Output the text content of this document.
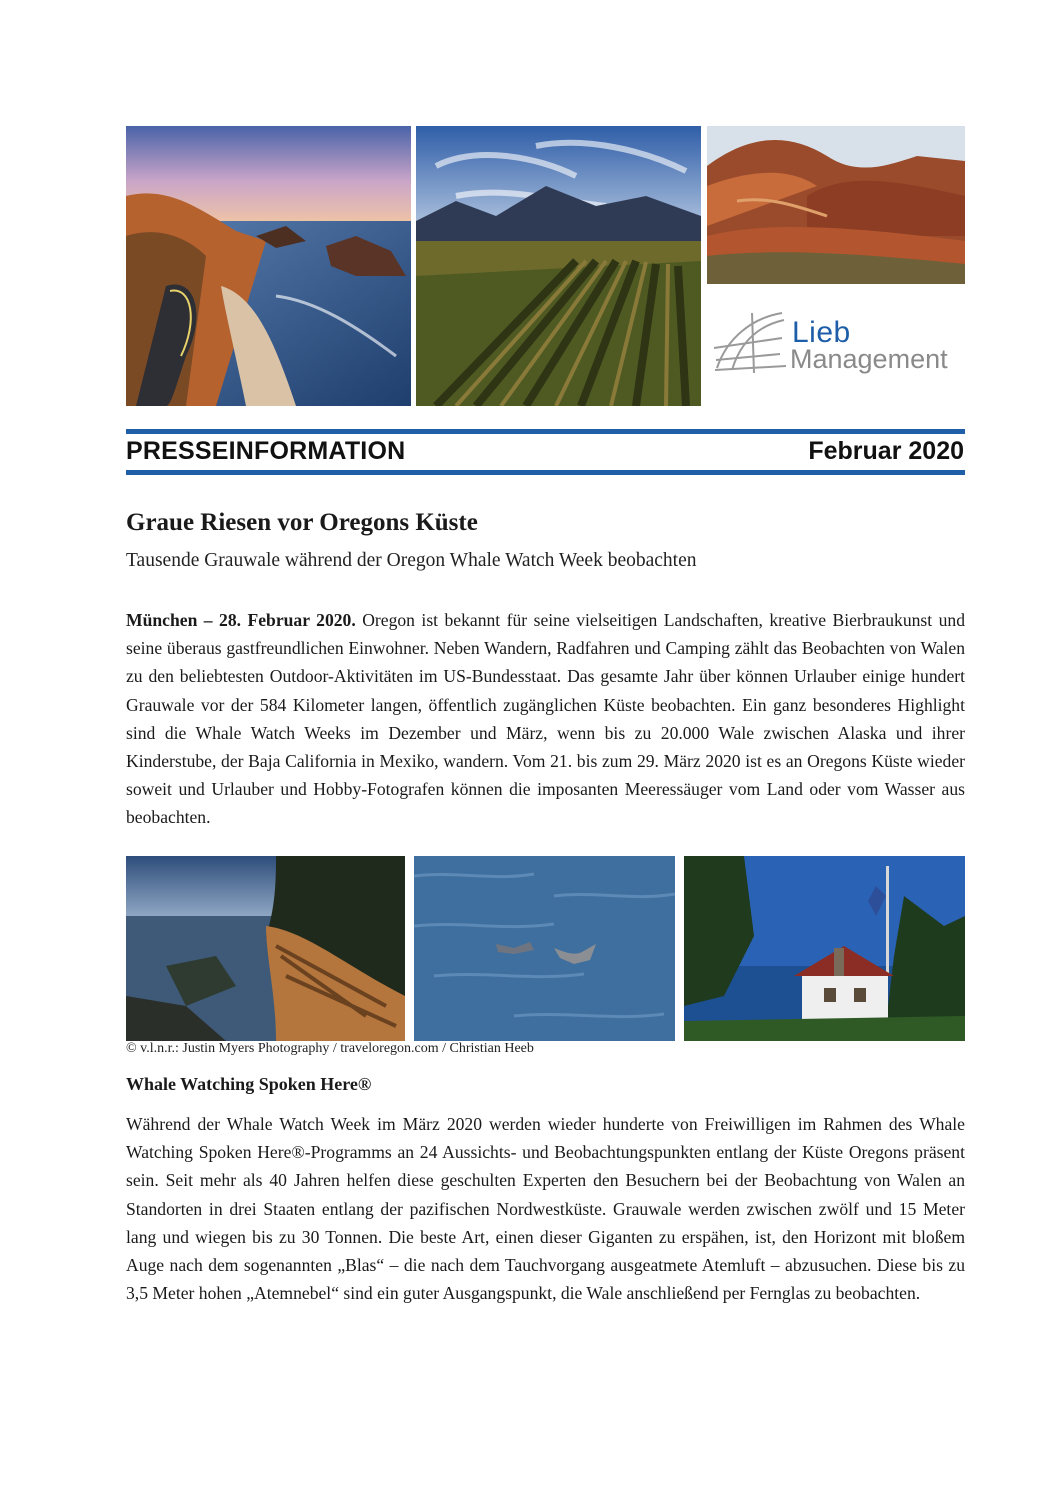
Lieb
Management
PRESSEINFORMATION	Februar 2020
Graue Riesen vor Oregons Küste
Tausende Grauwale während der Oregon Whale Watch Week beobachten

München – 28. Februar 2020. Oregon ist bekannt für seine vielseitigen Landschaften, kreative Bierbraukunst und seine überaus gastfreundlichen Einwohner. Neben Wandern, Radfahren und Camping zählt das Beobachten von Walen zu den beliebtesten Outdoor-Aktivitäten im US-Bundesstaat. Das gesamte Jahr über können Urlauber einige hundert Grauwale vor der 584 Kilometer langen, öffentlich zugänglichen Küste beobachten. Ein ganz besonderes Highlight sind die Whale Watch Weeks im Dezember und März, wenn bis zu 20.000 Wale zwischen Alaska und ihrer Kinderstube, der Baja California in Mexiko, wandern. Vom 21. bis zum 29. März 2020 ist es an Oregons Küste wieder soweit und Urlauber und Hobby-Fotografen können die imposanten Meeressäuger vom Land oder vom Wasser aus beobachten.

© v.l.n.r.: Justin Myers Photography / traveloregon.com / Christian Heeb
Whale Watching Spoken Here®

Während der Whale Watch Week im März 2020 werden wieder hunderte von Freiwilligen im Rahmen des Whale Watching Spoken Here®-Programms an 24 Aussichts- und Beobachtungspunkten entlang der Küste Oregons präsent sein. Seit mehr als 40 Jahren helfen diese geschulten Experten den Besuchern bei der Beobachtung von Walen an Standorten in drei Staaten entlang der pazifischen Nordwestküste. Grauwale werden zwischen zwölf und 15 Meter lang und wiegen bis zu 30 Tonnen. Die beste Art, einen dieser Giganten zu erspähen, ist, den Horizont mit bloßem Auge nach dem sogenannten „Blas“ – die nach dem Tauchvorgang ausgeatmete Atemluft – abzusuchen. Diese bis zu 3,5 Meter hohen „Atemnebel“ sind ein guter Ausgangspunkt, die Wale anschließend per Fernglas zu beobachten.
